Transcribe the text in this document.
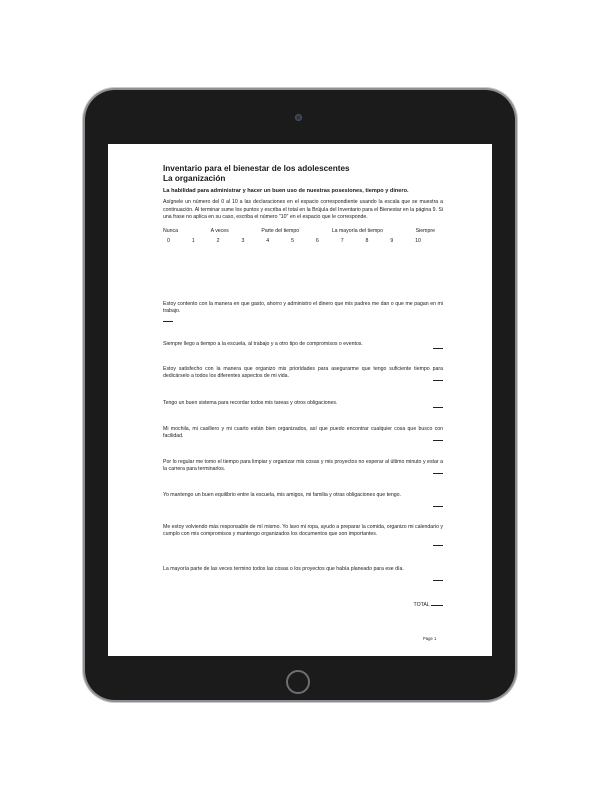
Inventario para el bienestar de los adolescentes
La organización
La habilidad para administrar y hacer un buen uso de nuestras posesiones, tiempo y dinero.
Asígnele un número del 0 al 10 a las declaraciones en el espacio correspondiente usando la escala que se muestra a continuación. Al terminar sume los puntos y escriba el total en la Brújula del Inventario para el Bienestar en la página 9. Si una frase no aplica en su caso, escriba el número "10" en el espacio que le corresponde.
Nunca	A veces	Parte del tiempo	La mayoría del tiempo	Siempre
0	1	2	3	4	5	6	7	8	9	10
Estoy contento con la manera en que gasto, ahorro y administro el dinero que mis padres me dan o que me pagan en mi trabajo.

Siempre llego a tiempo a la escuela, al trabajo y a otro tipo de compromisos o eventos.
Estoy satisfecho con la manera que organizo mis prioridades para asegurarme que tengo suficiente tiempo para dedicárselo a todos los diferentes aspectos de mi vida.
Tengo un buen sistema para recordar todos mis tareas y otros obligaciones.
Mi mochila, mi casillero y mi cuarto están bien organizados, así que puedo encontrar cualquier cosa que busco con facilidad.
Por lo regular me tomo el tiempo para limpiar y organizar mis cosas y mis proyectos no esperar al último minuto y estar a la carrera para terminarlos.
Yo mantengo un buen equilibrio entre la escuela, mis amigos, mi familia y otras obligaciones que tengo.
Me estoy volviendo más responsable de mí mismo. Yo lavo mi ropa, ayudo a preparar la comida, organizo mi calendario y cumplo con mis compromisos y mantengo organizados los documentos que son importantes.
La mayoría parte de las veces termino todos las cosas o los proyectos que había planeado para ese día.
TOTAL
Page 1
